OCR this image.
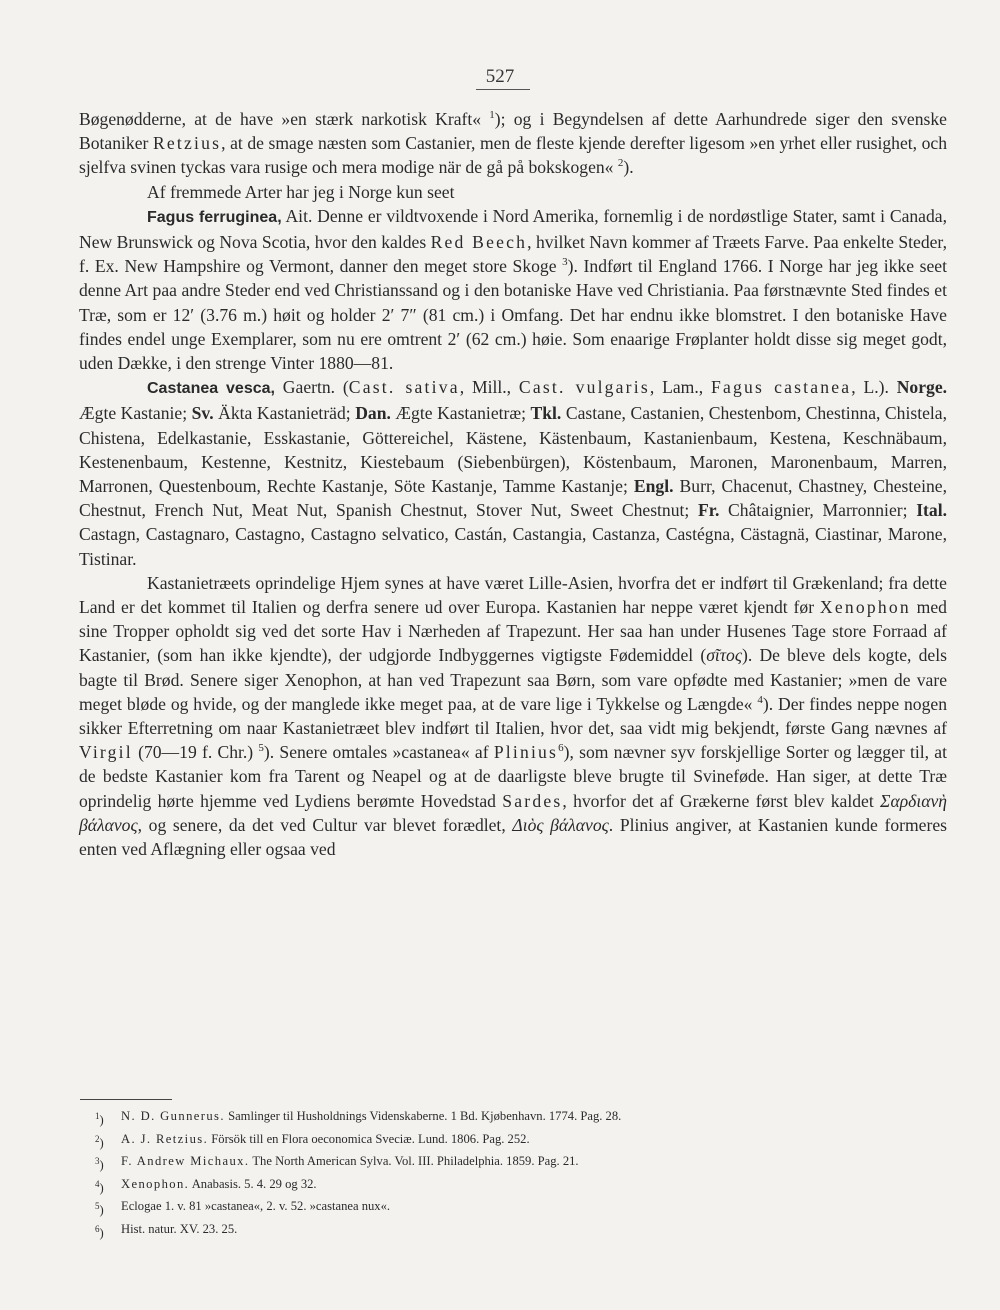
527

Bøgenødderne, at de have »en stærk narkotisk Kraft« $^1$); og i Begyndelsen af dette Aarhundrede siger den svenske Botaniker Retzius, at de smage næsten som Castanier, men de fleste kjende derefter ligesom »en yrhet eller rusighet, och sjelfva svinen tyckas vara rusige och mera modige när de gå på bokskogen« $^2$).

Af fremmede Arter har jeg i Norge kun seet

Fagus ferruginea, Ait. Denne er vildtvoxende i Nord Amerika, fornemlig i de nordøstlige Stater, samt i Canada, New Brunswick og Nova Scotia, hvor den kaldes Red Beech, hvilket Navn kommer af Træets Farve. Paa enkelte Steder, f. Ex. New Hampshire og Vermont, danner den meget store Skoge $^3$). Indført til England 1766. I Norge har jeg ikke seet denne Art paa andre Steder end ved Christianssand og i den botaniske Have ved Christiania. Paa førstnævnte Sted findes et Træ, som er 12′ (3.76 m.) høit og holder 2′ 7″ (81 cm.) i Omfang. Det har endnu ikke blomstret. I den botaniske Have findes endel unge Exemplarer, som nu ere omtrent 2′ (62 cm.) høie. Som enaarige Frøplanter holdt disse sig meget godt, uden Dække, i den strenge Vinter 1880—81.

Castanea vesca, Gaertn. (Cast. sativa, Mill., Cast. vulgaris, Lam., Fagus castanea, L.). Norge. Ægte Kastanie; Sv. Äkta Kastanieträd; Dan. Ægte Kastanietræ; Tkl. Castane, Castanien, Chestenbom, Chestinna, Chistela, Chistena, Edelkastanie, Esskastanie, Göttereichel, Kästene, Kästenbaum, Kastanienbaum, Kestena, Keschnäbaum, Kestenenbaum, Kestenne, Kestnitz, Kiestebaum (Siebenbürgen), Köstenbaum, Maronen, Maronenbaum, Marren, Marronen, Questenboum, Rechte Kastanje, Söte Kastanje, Tamme Kastanje; Engl. Burr, Chacenut, Chastney, Chesteine, Chestnut, French Nut, Meat Nut, Spanish Chestnut, Stover Nut, Sweet Chestnut; Fr. Châtaignier, Marronnier; Ital. Castagn, Castagnaro, Castagno, Castagno selvatico, Castán, Castangia, Castanza, Castégna, Cästagnä, Ciastinar, Marone, Tistinar.

Kastanietræets oprindelige Hjem synes at have været Lille-Asien, hvorfra det er indført til Grækenland; fra dette Land er det kommet til Italien og derfra senere ud over Europa. Kastanien har neppe været kjendt før Xenophon med sine Tropper opholdt sig ved det sorte Hav i Nærheden af Trapezunt. Her saa han under Husenes Tage store Forraad af Kastanier, (som han ikke kjendte), der udgjorde Indbyggernes vigtigste Fødemiddel (σῖτος). De bleve dels kogte, dels bagte til Brød. Senere siger Xenophon, at han ved Trapezunt saa Børn, som vare opfødte med Kastanier; »men de vare meget bløde og hvide, og der manglede ikke meget paa, at de vare lige i Tykkelse og Længde« $^4$). Der findes neppe nogen sikker Efterretning om naar Kastanietræet blev indført til Italien, hvor det, saa vidt mig bekjendt, første Gang nævnes af Virgil (70—19 f. Chr.) $^5$). Senere omtales »castanea« af Plinius$^6$), som nævner syv forskjellige Sorter og lægger til, at de bedste Kastanier kom fra Tarent og Neapel og at de daarligste bleve brugte til Svineføde. Han siger, at dette Træ oprindelig hørte hjemme ved Lydiens berømte Hovedstad Sardes, hvorfor det af Grækerne først blev kaldet Σαρδιανὴ βάλανος, og senere, da det ved Cultur var blevet forædlet, Διὸς βάλανος. Plinius angiver, at Kastanien kunde formeres enten ved Aflægning eller ogsaa ved

$^1$)	N. D. Gunnerus. Samlinger til Husholdnings Videnskaberne. 1 Bd. Kjøbenhavn. 1774. Pag. 28.
$^2$)	A. J. Retzius. Försök till en Flora oeconomica Sveciæ. Lund. 1806. Pag. 252.
$^3$)	F. Andrew Michaux. The North American Sylva. Vol. III. Philadelphia. 1859. Pag. 21.
$^4$)	Xenophon. Anabasis. 5. 4. 29 og 32.
$^5$)	Eclogae 1. v. 81 »castanea«, 2. v. 52. »castanea nux«.
$^6$)	Hist. natur. XV. 23. 25.
